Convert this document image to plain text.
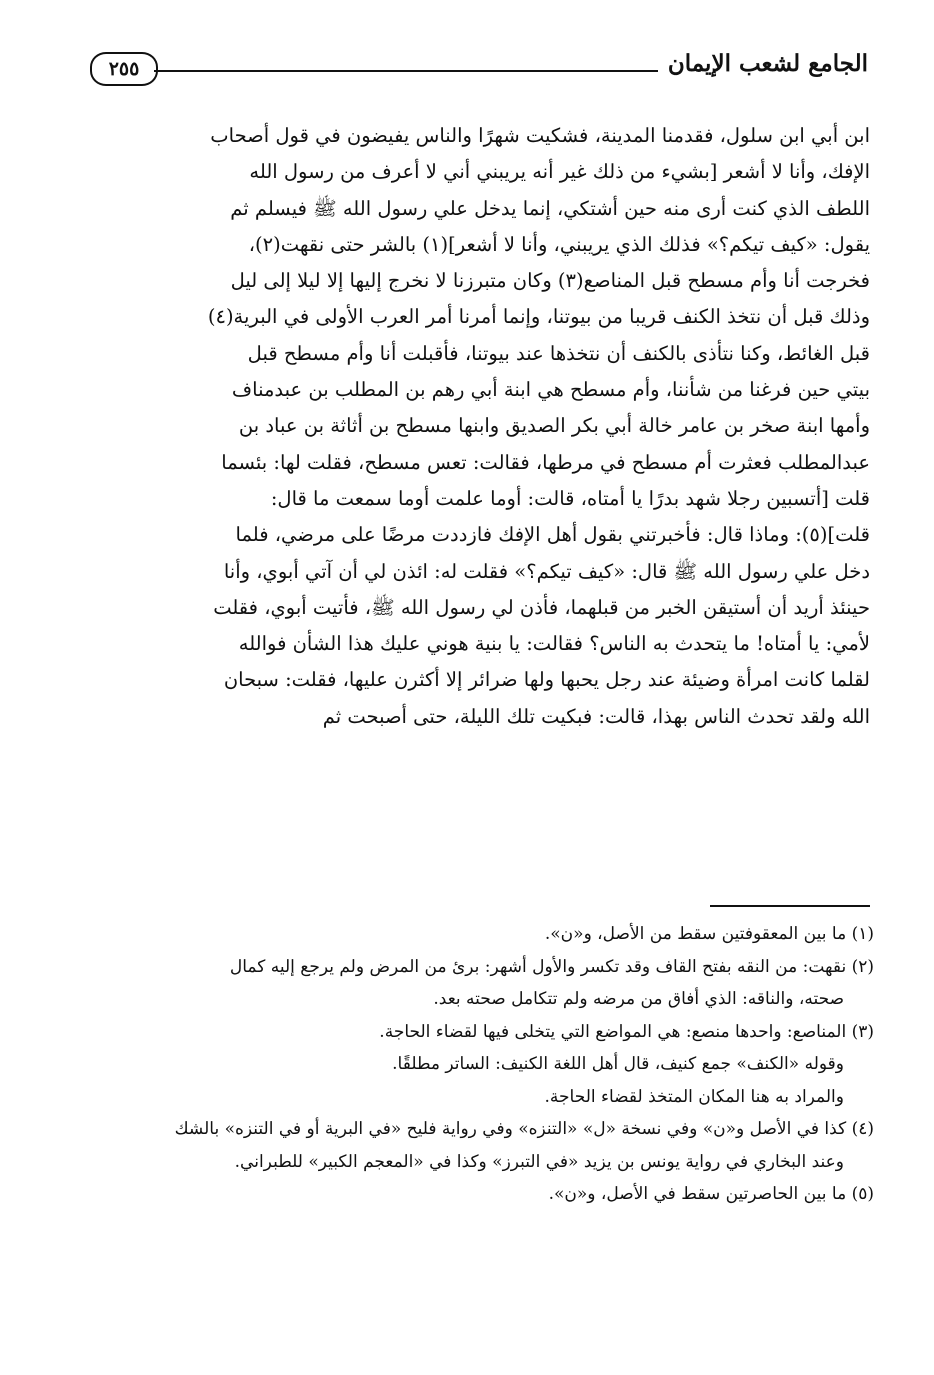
الجامع لشعب الإيمان
٢٥٥
ابن أبي ابن سلول، فقدمنا المدينة، فشكيت شهرًا والناس يفيضون في قول أصحاب
الإفك، وأنا لا أشعر [بشيء من ذلك غير أنه يريبني أني لا أعرف من رسول الله
اللطف الذي كنت أرى منه حين أشتكي، إنما يدخل علي رسول الله ﷺ فيسلم ثم
يقول: «كيف تيكم؟» فذلك الذي يريبني، وأنا لا أشعر](١) بالشر حتى نقهت(٢)،
فخرجت أنا وأم مسطح قبل المناصع(٣) وكان متبرزنا لا نخرج إليها إلا ليلا إلى ليل
وذلك قبل أن نتخذ الكنف قريبا من بيوتنا، وإنما أمرنا أمر العرب الأولى في البرية(٤)
قبل الغائط، وكنا نتأذى بالكنف أن نتخذها عند بيوتنا، فأقبلت أنا وأم مسطح قبل
بيتي حين فرغنا من شأننا، وأم مسطح هي ابنة أبي رهم بن المطلب بن عبدمناف
وأمها ابنة صخر بن عامر خالة أبي بكر الصديق وابنها مسطح بن أثاثة بن عباد بن
عبدالمطلب فعثرت أم مسطح في مرطها، فقالت: تعس مسطح، فقلت لها: بئسما
قلت [أتسبين رجلا شهد بدرًا يا أمتاه، قالت: أوما علمت أوما سمعت ما قال:
قلت](٥): وماذا قال: فأخبرتني بقول أهل الإفك فازددت مرضًا على مرضي، فلما
دخل علي رسول الله ﷺ قال: «كيف تيكم؟» فقلت له: ائذن لي أن آتي أبوي، وأنا
حينئذ أريد أن أستيقن الخبر من قبلهما، فأذن لي رسول الله ﷺ، فأتيت أبوي، فقلت
لأمي: يا أمتاه! ما يتحدث به الناس؟ فقالت: يا بنية هوني عليك هذا الشأن فوالله
لقلما كانت امرأة وضيئة عند رجل يحبها ولها ضرائر إلا أكثرن عليها، فقلت: سبحان
الله ولقد تحدث الناس بهذا، قالت: فبكيت تلك الليلة، حتى أصبحت ثم
(١) ما بين المعقوفتين سقط من الأصل، و«ن».
(٢) نقهت: من النقه بفتح القاف وقد تكسر والأول أشهر: برئ من المرض ولم يرجع إليه كمال
صحته، والناقه: الذي أفاق من مرضه ولم تتكامل صحته بعد.
(٣) المناصع: واحدها منصع: هي المواضع التي يتخلى فيها لقضاء الحاجة.
وقوله «الكنف» جمع كنيف، قال أهل اللغة الكنيف: الساتر مطلقًا.
والمراد به هنا المكان المتخذ لقضاء الحاجة.
(٤) كذا في الأصل و«ن» وفي نسخة «ل» «التنزه» وفي رواية فليح «في البرية أو في التنزه» بالشك
وعند البخاري في رواية يونس بن يزيد «في التبرز» وكذا في «المعجم الكبير» للطبراني.
(٥) ما بين الحاصرتين سقط في الأصل، و«ن».
